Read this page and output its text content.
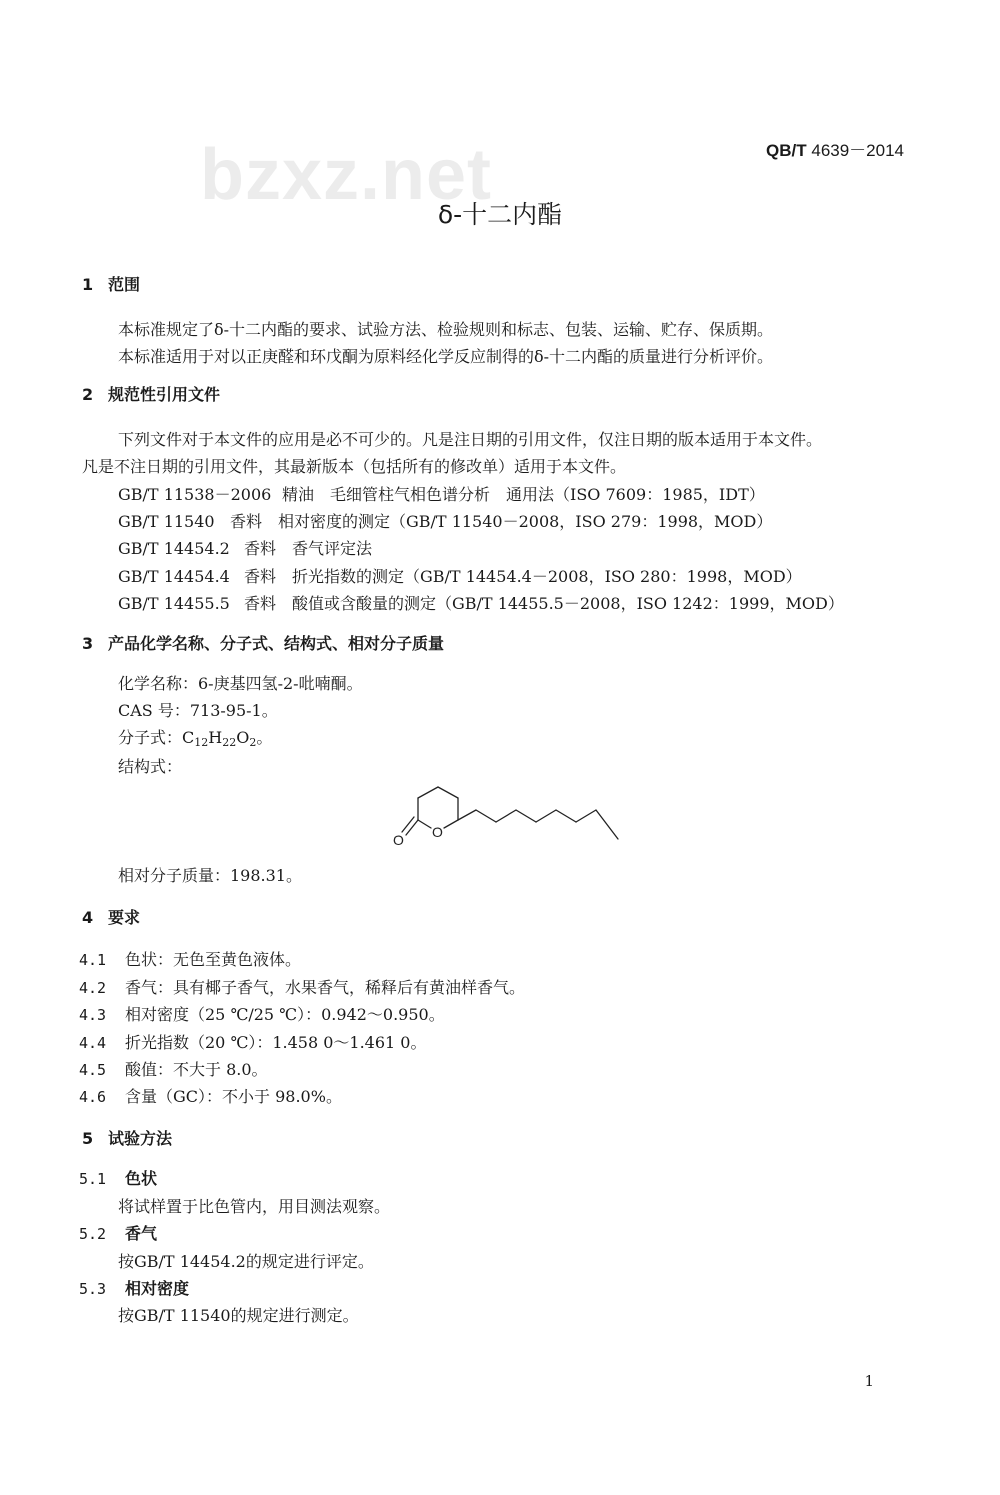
bzxz.net	QB/T 4639－2014
δ-十二内酯
1 范围
本标准规定了δ-十二内酯的要求、试验方法、检验规则和标志、包装、运输、贮存、保质期。
本标准适用于对以正庚醛和环戊酮为原料经化学反应制得的δ-十二内酯的质量进行分析评价。
2 规范性引用文件
下列文件对于本文件的应用是必不可少的。凡是注日期的引用文件，仅注日期的版本适用于本文件。
凡是不注日期的引用文件，其最新版本（包括所有的修改单）适用于本文件。
GB/T 11538－2006 精油　毛细管柱气相色谱分析　通用法（ISO 7609：1985，IDT）
GB/T 11540 香料　相对密度的测定（GB/T 11540－2008，ISO 279：1998，MOD）
GB/T 14454.2 香料　香气评定法
GB/T 14454.4 香料　折光指数的测定（GB/T 14454.4－2008，ISO 280：1998，MOD）
GB/T 14455.5 香料　酸值或含酸量的测定（GB/T 14455.5－2008，ISO 1242：1999，MOD）
3 产品化学名称、分子式、结构式、相对分子质量
化学名称：6-庚基四氢-2-吡喃酮。
CAS 号：713-95-1。
分子式：$C_{12}H_{22}O_2$。
结构式：
O O
相对分子质量：198.31。
4 要求
4.1 色状：无色至黄色液体。
4.2 香气：具有椰子香气，水果香气，稀释后有黄油样香气。
4.3 相对密度（25 ℃/25 ℃）：0.942～0.950。
4.4 折光指数（20 ℃）：1.458 0～1.461 0。
4.5 酸值：不大于 8.0。
4.6 含量（GC）：不小于 98.0%。
5 试验方法
5.1 色状
将试样置于比色管内，用目测法观察。
5.2 香气
按GB/T 14454.2的规定进行评定。
5.3 相对密度
按GB/T 11540的规定进行测定。
1
